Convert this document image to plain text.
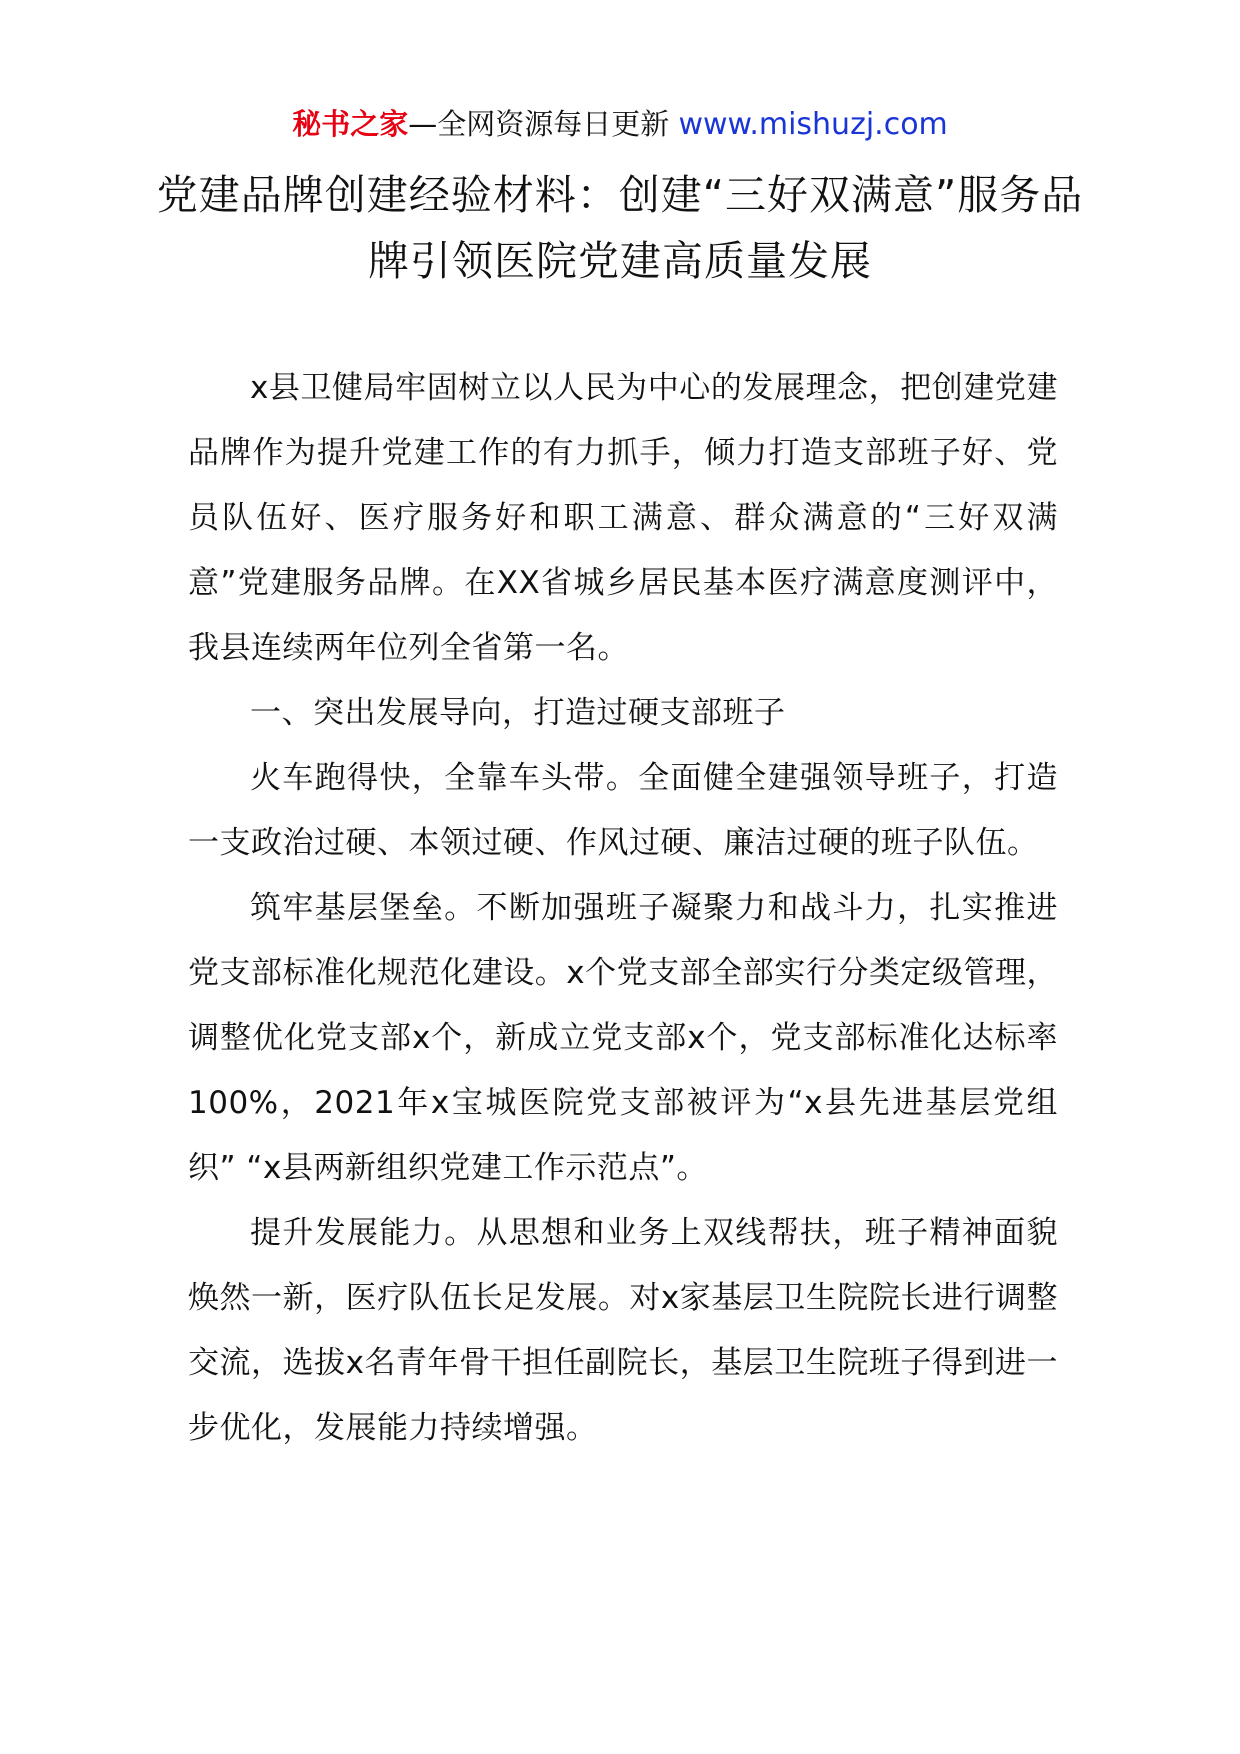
秘书之家—全网资源每日更新 www.mishuzj.com
党建品牌创建经验材料：创建“三好双满意”服务品牌引领医院党建高质量发展

x县卫健局牢固树立以人民为中心的发展理念，把创建党建品牌作为提升党建工作的有力抓手，倾力打造支部班子好、党员队伍好、医疗服务好和职工满意、群众满意的“三好双满意”党建服务品牌。在XX省城乡居民基本医疗满意度测评中，我县连续两年位列全省第一名。

一、突出发展导向，打造过硬支部班子

火车跑得快，全靠车头带。全面健全建强领导班子，打造一支政治过硬、本领过硬、作风过硬、廉洁过硬的班子队伍。

筑牢基层堡垒。不断加强班子凝聚力和战斗力，扎实推进党支部标准化规范化建设。x个党支部全部实行分类定级管理，调整优化党支部x个，新成立党支部x个，党支部标准化达标率100%，2021年x宝城医院党支部被评为“x县先进基层党组织” “x县两新组织党建工作示范点”。

提升发展能力。从思想和业务上双线帮扶，班子精神面貌焕然一新，医疗队伍长足发展。对x家基层卫生院院长进行调整交流，选拔x名青年骨干担任副院长，基层卫生院班子得到进一步优化，发展能力持续增强。
